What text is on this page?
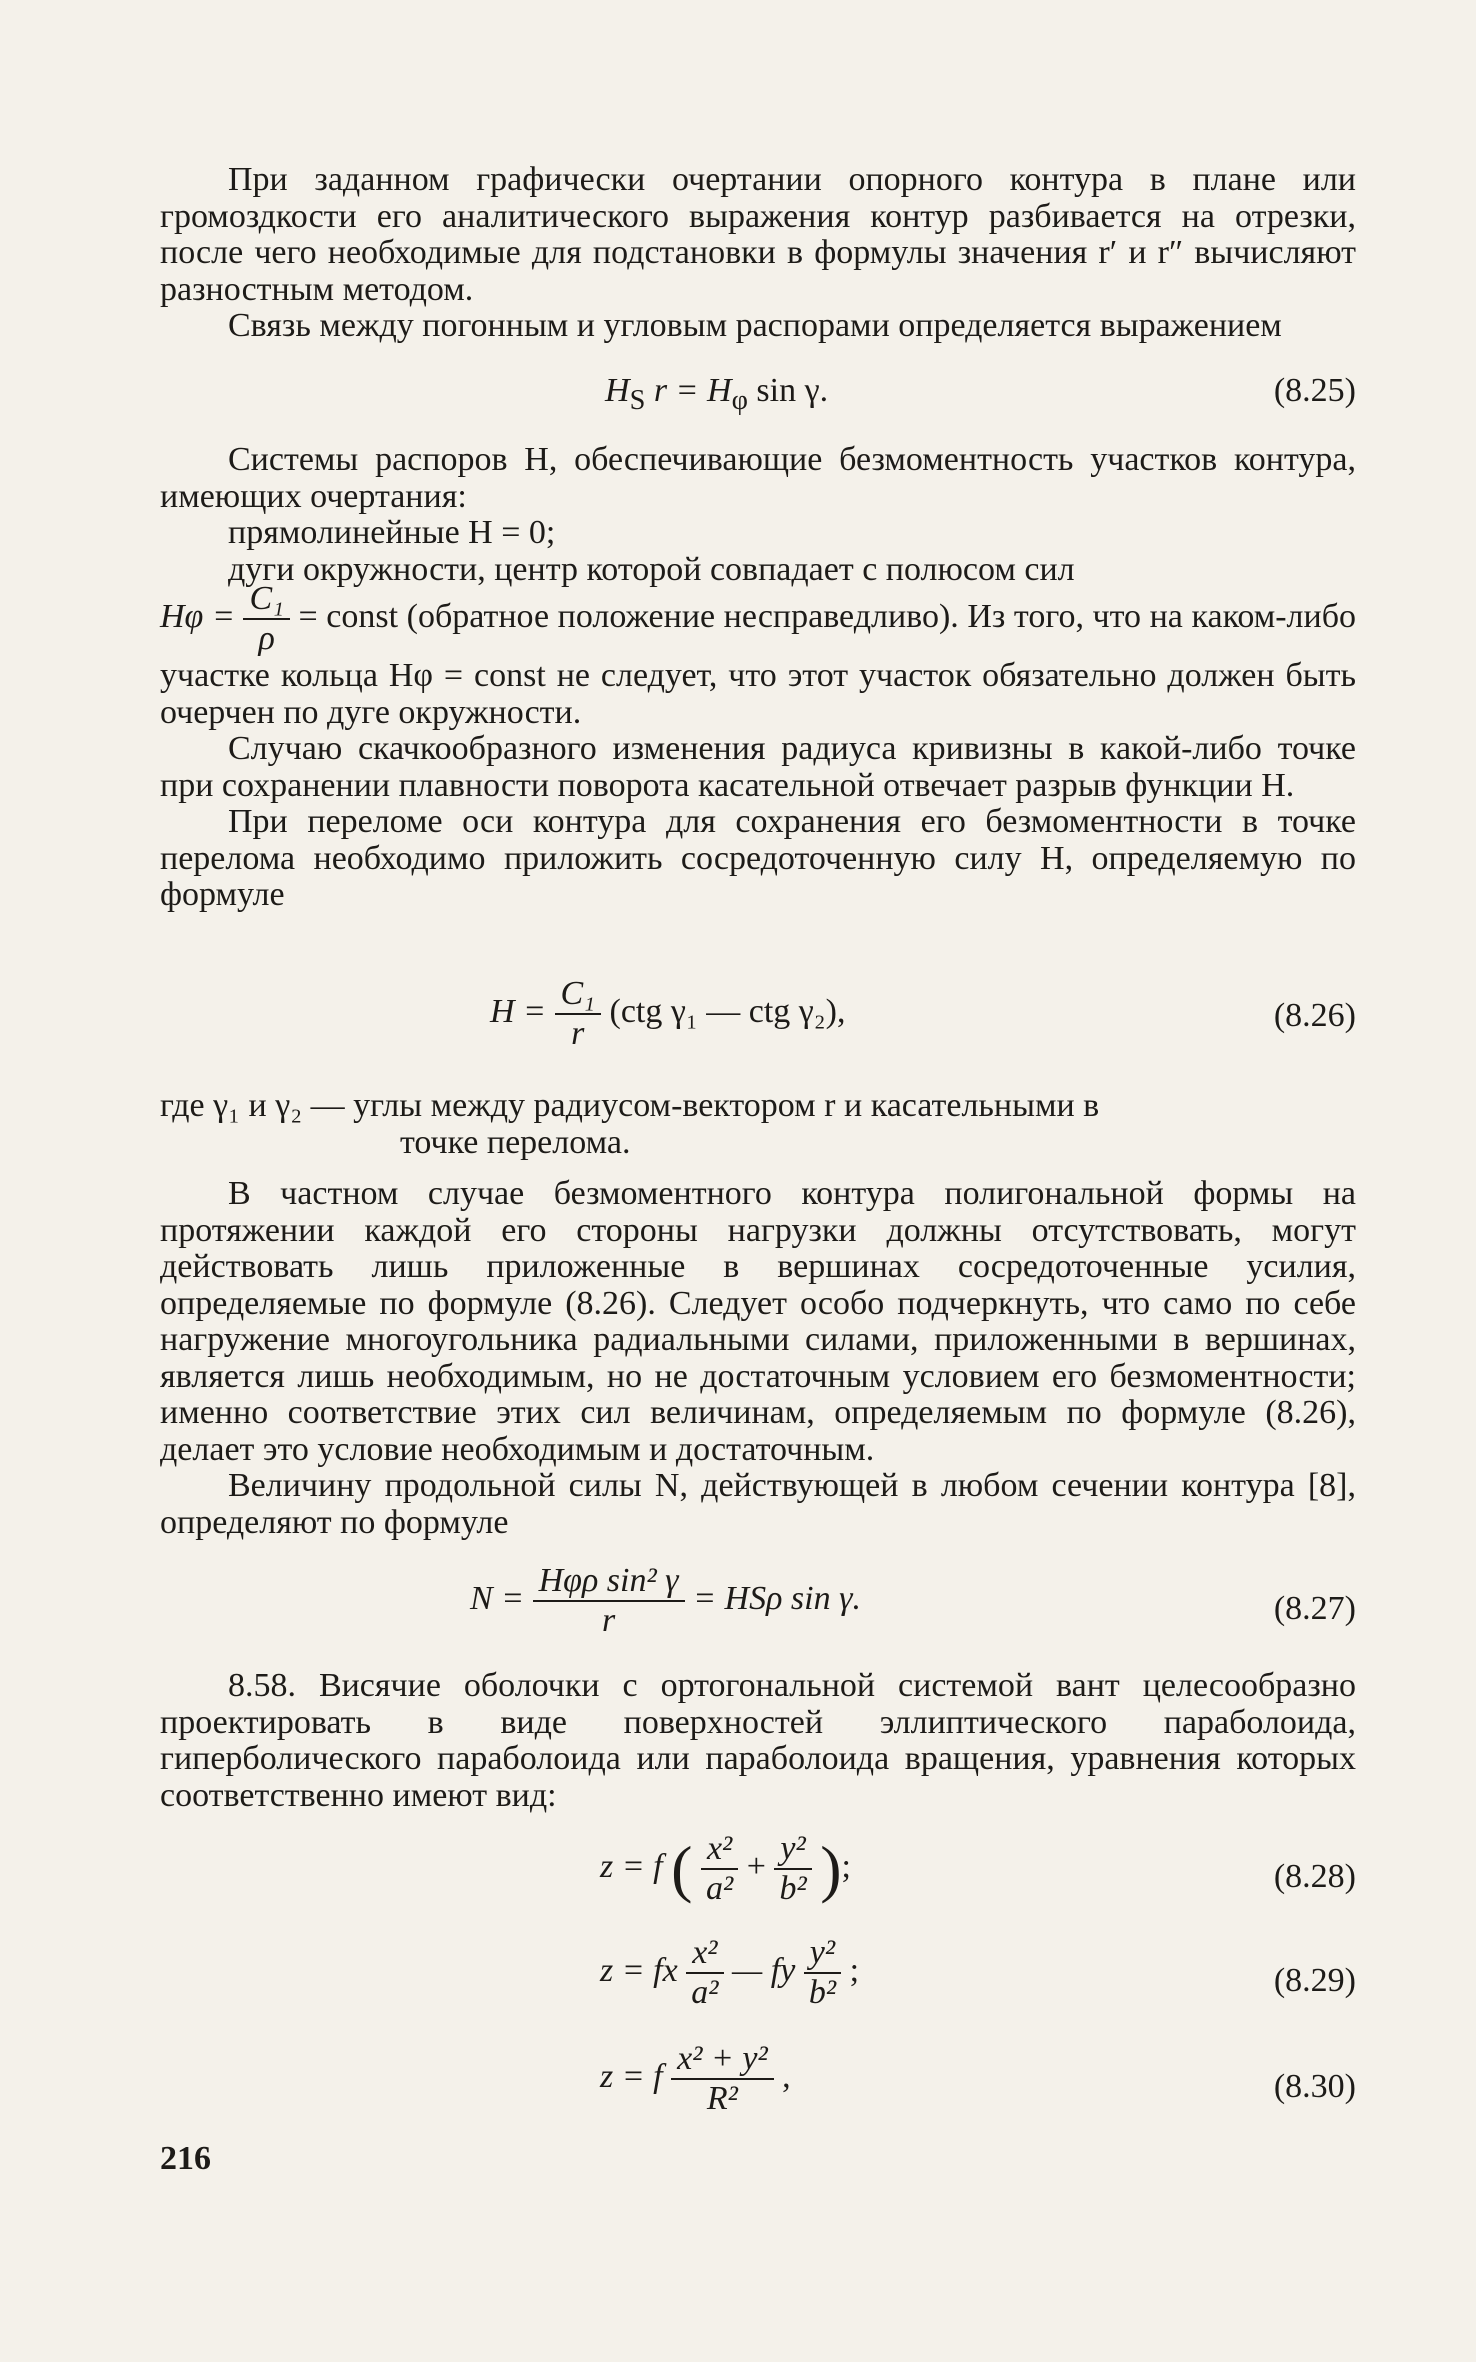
При заданном графически очертании опорного контура в плане или громоздкости его аналитического выражения контур разбивается на отрезки, после чего необходимые для подстановки в формулы значения r′ и r″ вычисляют разностным методом.

Связь между погонным и угловым распорами определяется выражением

$H_S$ $r = H_\varphi$ sin γ.	(8.25)

Системы распоров H, обеспечивающие безмоментность участков контура, имеющих очертания:

прямолинейные H = 0;

дуги окружности, центр которой совпадает с полюсом сил

$H\varphi = \frac{\text{C₁}}{\rho}$ = const (обратное положение несправедливо). Из того, что на каком-либо участке кольца Hφ = const не следует, что этот участок обязательно должен быть очерчен по дуге окружности.

Случаю скачкообразного изменения радиуса кривизны в какой-либо точке при сохранении плавности поворота касательной отвечает разрыв функции H.

При переломе оси контура для сохранения его безмоментности в точке перелома необходимо приложить сосредоточенную силу H, определяемую по формуле

$H = \frac{\text{C₁}}{r} (ctg$ γ₁ — ctg γ₂),	(8.26)

где γ₁ и γ₂ — углы между радиусом-вектором r и касательными в

точке перелома.

В частном случае безмоментного контура полигональной формы на протяжении каждой его стороны нагрузки должны отсутствовать, могут действовать лишь приложенные в вершинах сосредоточенные усилия, определяемые по формуле (8.26). Следует особо подчеркнуть, что само по себе нагружение многоугольника радиальными силами, приложенными в вершинах, является лишь необходимым, но не достаточным условием его безмоментности; именно соответствие этих сил величинам, определяемым по формуле (8.26), делает это условие необходимым и достаточным.

Величину продольной силы N, действующей в любом сечении контура [8], определяют по формуле

$N = \frac{\text{Hφρ sin² γ}}{r} = HS\rho$ sin γ.	(8.27)

8.58. Висячие оболочки с ортогональной системой вант целесообразно проектировать в виде поверхностей эллиптического параболоида, гиперболического параболоида или параболоида вращения, уравнения которых соответственно имеют вид:

z = f ( $\frac{\text{x²}}{\text{a²}} + \frac{\text{y²}}{\text{b²}}$ );	(8.28)
z = fx $\frac{\text{x²}}{\text{a²}}$ — fy $\frac{\text{y²}}{\text{b²}}$ ;	(8.29)
z = f $\frac{\text{x² + y²}}{\text{R²}}$ ,	(8.30)
216
